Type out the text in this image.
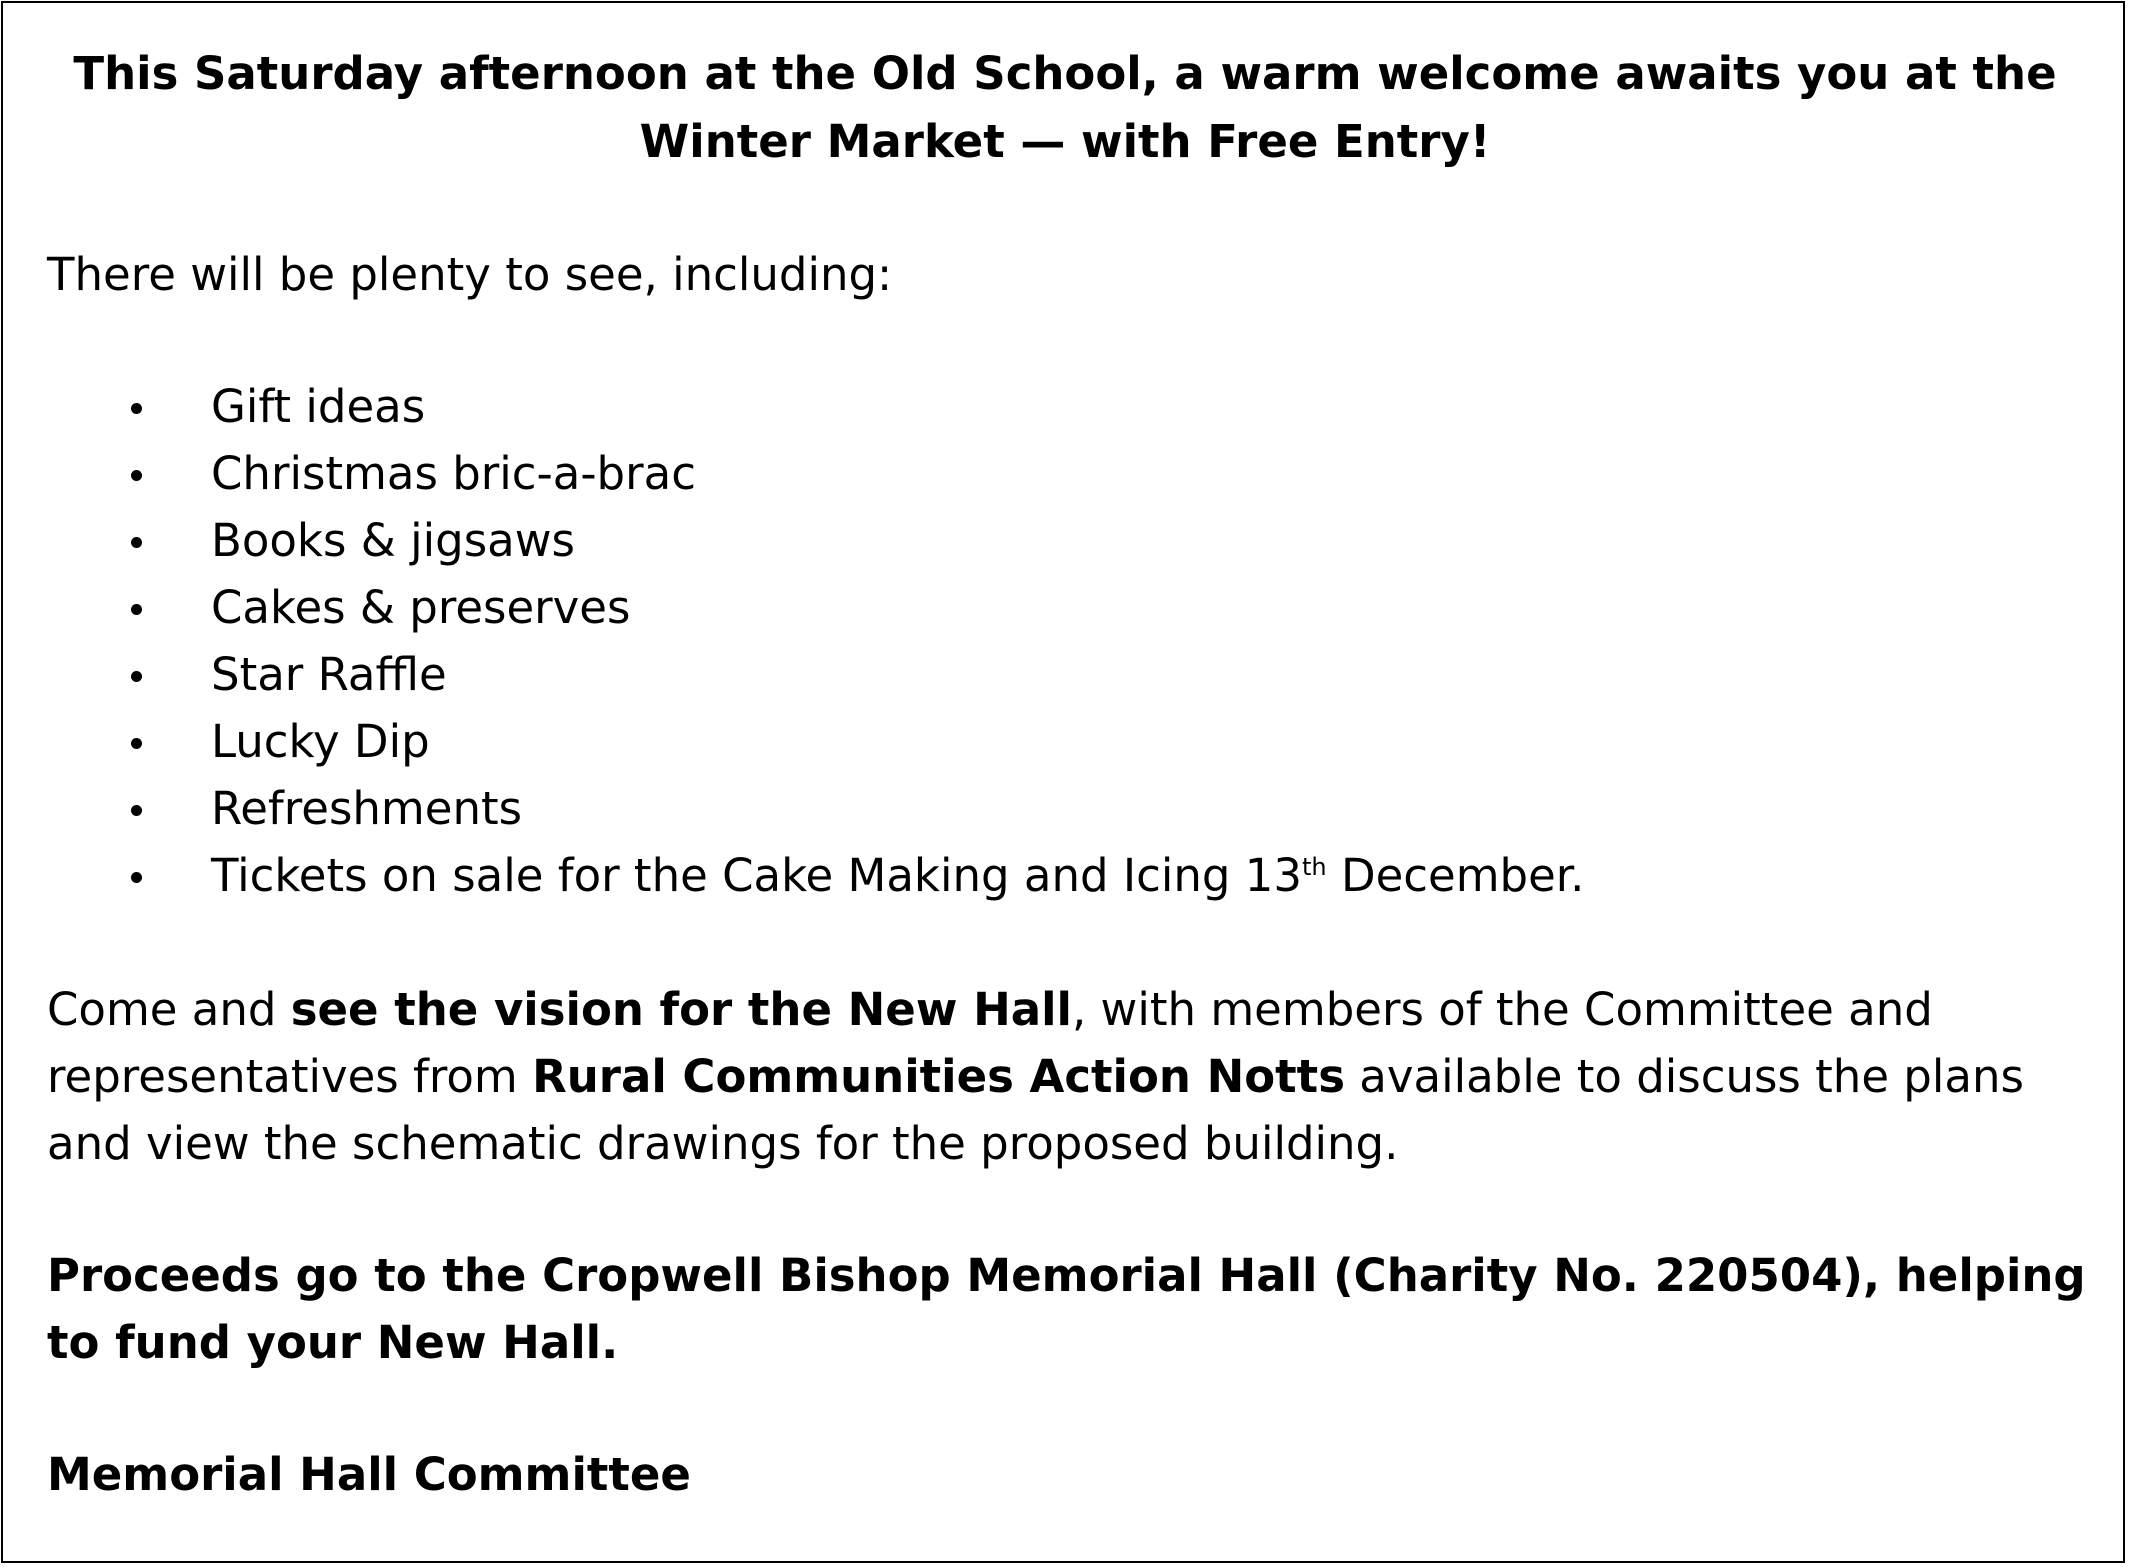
This Saturday afternoon at the Old School, a warm welcome awaits you at the Winter Market — with Free Entry!

There will be plenty to see, including:

Gift ideas
Christmas bric-a-brac
Books & jigsaws
Cakes & preserves
Star Raffle
Lucky Dip
Refreshments
Tickets on sale for the Cake Making and Icing 13th December.

Come and see the vision for the New Hall, with members of the Committee and representatives from Rural Communities Action Notts available to discuss the plans and view the schematic drawings for the proposed building.

Proceeds go to the Cropwell Bishop Memorial Hall (Charity No. 220504), helping to fund your New Hall.

Memorial Hall Committee
